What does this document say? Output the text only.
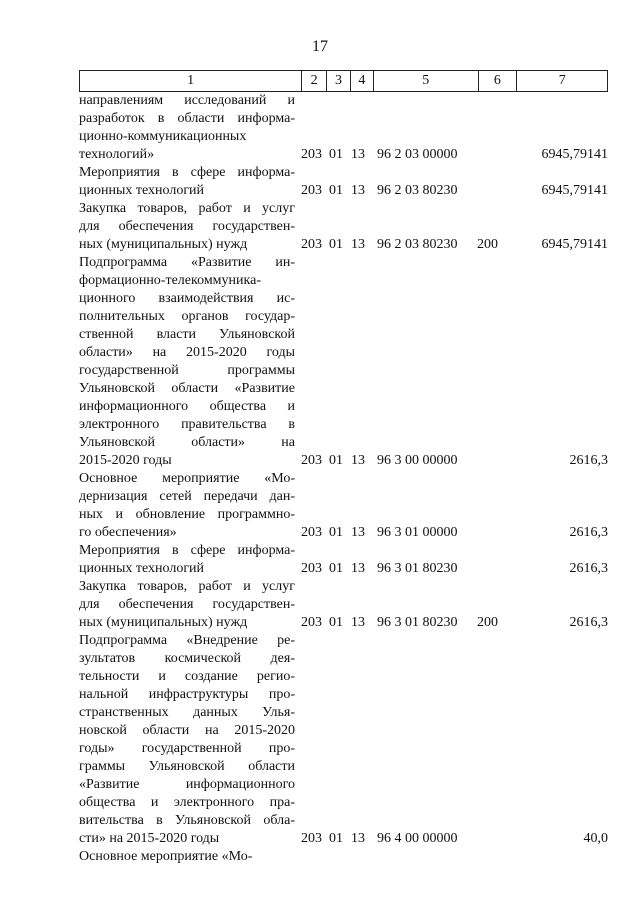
17
1	2	3	4	5	6	7
направлениям исследований и
разработок в области информа-
ционно-коммуникационных
технологий»	203 01 13 96 2 03 00000	6945,79141
Мероприятия в сфере информа-
ционных технологий	203 01 13 96 2 03 80230	6945,79141
Закупка товаров, работ и услуг
для обеспечения государствен-
ных (муниципальных) нужд	203 01 13 96 2 03 80230	200	6945,79141
Подпрограмма «Развитие ин-
формационно-телекоммуника-
ционного взаимодействия ис-
полнительных органов государ-
ственной власти Ульяновской
области» на 2015-2020 годы
государственной программы
Ульяновской области «Развитие
информационного общества и
электронного правительства в
Ульяновской области» на
2015-2020 годы	203 01 13 96 3 00 00000	2616,3
Основное мероприятие «Мо-
дернизация сетей передачи дан-
ных и обновление программно-
го обеспечения»	203 01 13 96 3 01 00000	2616,3
Мероприятия в сфере информа-
ционных технологий	203 01 13 96 3 01 80230	2616,3
Закупка товаров, работ и услуг
для обеспечения государствен-
ных (муниципальных) нужд	203 01 13 96 3 01 80230	200	2616,3
Подпрограмма «Внедрение ре-
зультатов космической дея-
тельности и создание регио-
нальной инфраструктуры про-
странственных данных Улья-
новской области на 2015-2020
годы» государственной про-
граммы Ульяновской области
«Развитие информационного
общества и электронного пра-
вительства в Ульяновской обла-
сти» на 2015-2020 годы	203 01 13 96 4 00 00000	40,0
Основное мероприятие «Мо-
